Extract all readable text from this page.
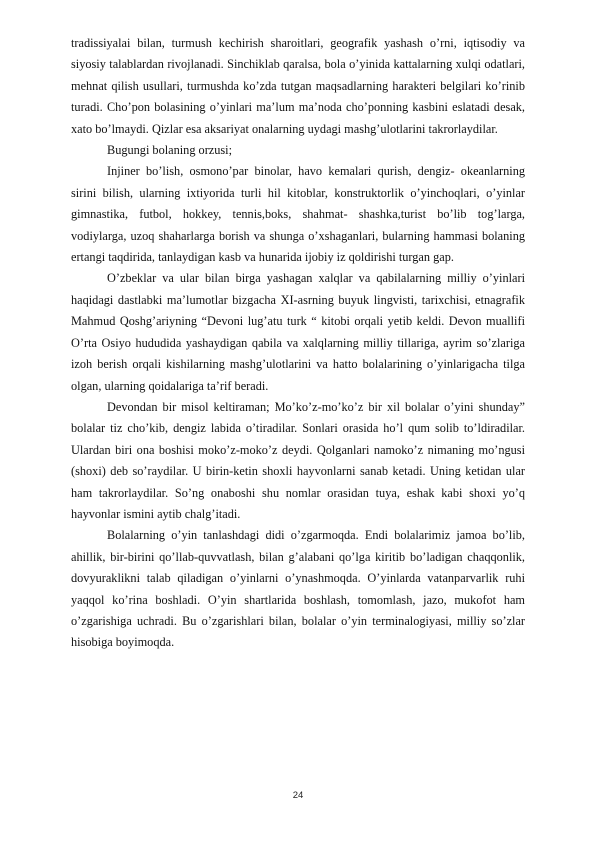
tradissiyalai bilan, turmush kechirish sharoitlari, geografik yashash o’rni, iqtisodiy va siyosiy talablardan rivojlanadi. Sinchiklab qaralsa, bola o’yinida kattalarning xulqi odatlari, mehnat qilish usullari, turmushda ko’zda tutgan maqsadlarning harakteri belgilari ko’rinib turadi. Cho’pon bolasining o’yinlari ma’lum ma’noda cho’ponning kasbini eslatadi desak, xato bo’lmaydi. Qizlar esa aksariyat onalarning uydagi mashg’ulotlarini takrorlaydilar.

Bugungi bolaning orzusi;

Injiner bo’lish, osmono’par binolar, havo kemalari qurish, dengiz- okeanlarning sirini bilish, ularning ixtiyorida turli hil kitoblar, konstruktorlik o’yinchoqlari, o’yinlar gimnastika, futbol, hokkey, tennis,boks, shahmat- shashka,turist bo’lib tog’larga, vodiylarga, uzoq shaharlarga borish va shunga o’xshaganlari, bularning hammasi bolaning ertangi taqdirida, tanlaydigan kasb va hunarida ijobiy iz qoldirishi turgan gap.

O’zbeklar va ular bilan birga yashagan xalqlar va qabilalarning milliy o’yinlari haqidagi dastlabki ma’lumotlar bizgacha XI-asrning buyuk lingvisti, tarixchisi, etnagrafik Mahmud Qoshg’ariyning “Devoni lug’atu turk “ kitobi orqali yetib keldi. Devon muallifi O’rta Osiyo hududida yashaydigan qabila va xalqlarning milliy tillariga, ayrim so’zlariga izoh berish orqali kishilarning mashg’ulotlarini va hatto bolalarining o’yinlarigacha tilga olgan, ularning qoidalariga ta’rif beradi.

Devondan bir misol keltiraman; Mo’ko’z-mo’ko’z bir xil bolalar o’yini shunday” bolalar tiz cho’kib, dengiz labida o’tiradilar. Sonlari orasida ho’l qum solib to’ldiradilar. Ulardan biri ona boshisi moko’z-moko’z deydi. Qolganlari namoko’z nimaning mo’ngusi (shoxi) deb so’raydilar. U birin-ketin shoxli hayvonlarni sanab ketadi. Uning ketidan ular ham takrorlaydilar. So’ng onaboshi shu nomlar orasidan tuya, eshak kabi shoxi yo’q hayvonlar ismini aytib chalg’itadi.

Bolalarning o’yin tanlashdagi didi o’zgarmoqda. Endi bolalarimiz jamoa bo’lib, ahillik, bir-birini qo’llab-quvvatlash, bilan g’alabani qo’lga kiritib bo’ladigan chaqqonlik, dovyuraklikni talab qiladigan o’yinlarni o’ynashmoqda. O’yinlarda vatanparvarlik ruhi yaqqol ko’rina boshladi. O’yin shartlarida boshlash, tomomlash, jazo, mukofot ham o’zgarishiga uchradi. Bu o’zgarishlari bilan, bolalar o’yin terminalogiyasi, milliy so’zlar hisobiga boyimoqda.

24
